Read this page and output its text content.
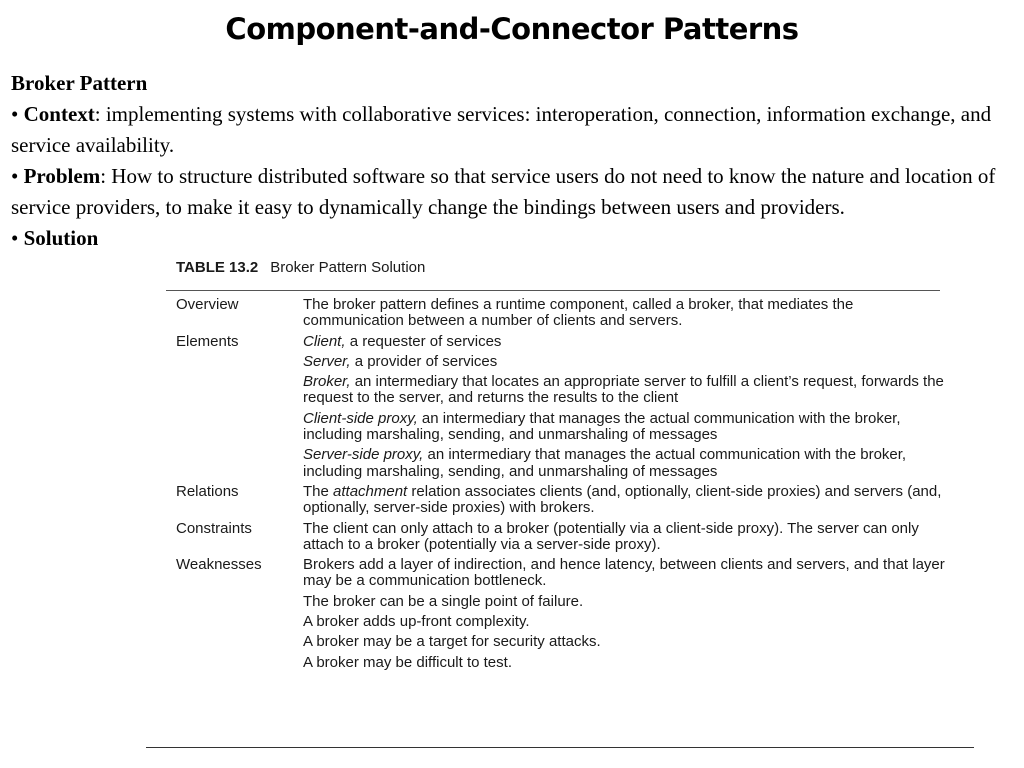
Component-and-Connector Patterns

Broker Pattern

• Context: implementing systems with collaborative services: interoperation, connection, information exchange, and service availability.

• Problem: How to structure distributed software so that service users do not need to know the nature and location of service providers, to make it easy to dynamically change the bindings between users and providers.

• Solution

TABLE 13.2 Broker Pattern Solution
Overview	The broker pattern defines a runtime component, called a broker, that mediates the communication between a number of clients and servers.
Elements	Client, a requester of services
Server, a provider of services
Broker, an intermediary that locates an appropriate server to fulfill a client’s request, forwards the request to the server, and returns the results to the client
Client-side proxy, an intermediary that manages the actual communication with the broker, including marshaling, sending, and unmarshaling of messages
Server-side proxy, an intermediary that manages the actual communication with the broker, including marshaling, sending, and unmarshaling of messages
Relations	The attachment relation associates clients (and, optionally, client-side proxies) and servers (and, optionally, server-side proxies) with brokers.
Constraints	The client can only attach to a broker (potentially via a client-side proxy). The server can only attach to a broker (potentially via a server-side proxy).
Weaknesses	Brokers add a layer of indirection, and hence latency, between clients and servers, and that layer may be a communication bottleneck.
The broker can be a single point of failure.
A broker adds up-front complexity.
A broker may be a target for security attacks.
A broker may be difficult to test.
